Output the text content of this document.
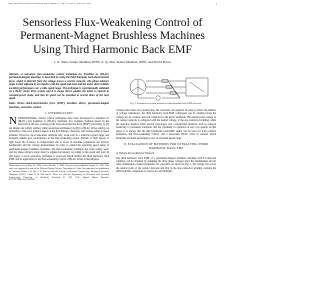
IEEE TRANSACTIONS ON POWER ELECTRONICS, VOL. 25, NO. 8, AUGUST 2010	1
Sensorless Flux-Weakening Control of Permanent-Magnet Brushless Machines Using Third Harmonic Back EMF
J. X. Shen, Senior Member, IEEE, Z. Q. Zhu, Senior Member, IEEE, and David Howe

Abstract—A sensorless flux-weakening control technique for brushless ac (BLAC) permanent-magnet machines is described by using the third harmonic back-electromotive force, which is detected from the voltage across a resistor network. The phase advance angle is then adjusted in accordance with the speed and load, and the motor drive exhibits excellent performance over a wide speed range. The technique is experimentally validated on a BLAC motor drive system, and it is shown that it enables the motor to operate in constant-power mode, and that its speed can be extended to several times of the base speed.

Index Terms—Back-electromotive force (EMF), brushless drives, permanent-magnet machines, sensorless control.

I. INTRODUCTION

NONSINUSOIDAL current control techniques have been developed for brushless dc (BLDC) and brushless ac (BLAC) machines. For example, methods based on the detection of the zero crossing of the back-electromotive force (EMF) waveform [1]–[3] are simple and widely applied, while sensorless techniques [4]–[6] for BLAC drives employ an estimation of the rotor position based on the flux-linkage, observers, and various saliency-based schemes. However, most sensorless methods only work well in a restricted speed range and normally exhibit poor performance in the flux-weakening region. Further, at high speeds or light loads, the accuracy is compromised due to errors in machine parameters, the inverter nonlinearity and the voltage measurement. In order to extend the operating speed range of permanent-magnet brushless machines, the flux-weakening technique has been widely used, and the phase advance angle must be adjusted accurately according to the speed and load. In this paper, a novel sensorless technique is proposed which utilizes the third harmonic back EMF, and its application to the flux-weakening control of BLAC drives is investigated.

Manuscript received May 10, 2009; revised October 1, 2009. Current version published August 13, 2010. This work was supported in part by the National Natural Science Foundation of China. Recommended for publication by Associate Editor J. O. Ojo. J. X. Shen is with the College of Electrical Engineering, Zhejiang University, Hangzhou 310027, China. Z. Q. Zhu and D. Howe are with the Department of Electronic and Electrical Engineering, University of Sheffield, Sheffield S1 3JD, U.K. Digital Object Identifier 10.1109/TPEL.2010.2043542
Fig. 1. Schematic of resistor network for third harmonic back EMF detection.

voltages since there is no neutral line. All converters are required. In order to reduce the number of voltage transducers, the third harmonic back-EMF component can be obtained from the voltage across a resistor network connected to the motor terminals. The neutral point voltage of the resistor network is compared with the neutral voltage of the star-connected winding, while the detection method offers several advantages over conventional methods, such as reduced sensitivity to parameter variations and the capability of operation at very low speeds. In this paper, it is shown that the third harmonic back-EMF signal can be used for both position estimation and flux-weakening control, and a sensorless BLAC drive is realized which maintains excellent performance over an extended speed range.

II. EVALUATION OF METHODS FOR EXTRACTING THIRD HARMONIC BACK EMF
A. Voltage Across Resistor Network

The third harmonic back EMF of a permanent-magnet brushless machine with Y-connected windings can be obtained by summing the three phase voltages since the fundamental and all other nonmultiple-of-three harmonics are cancelled. As shown in Fig. 1, the voltage vsn across the neutral point of the resistor network and that of the star-connected winding contains the third harmonic component as well as its odd multiples.
